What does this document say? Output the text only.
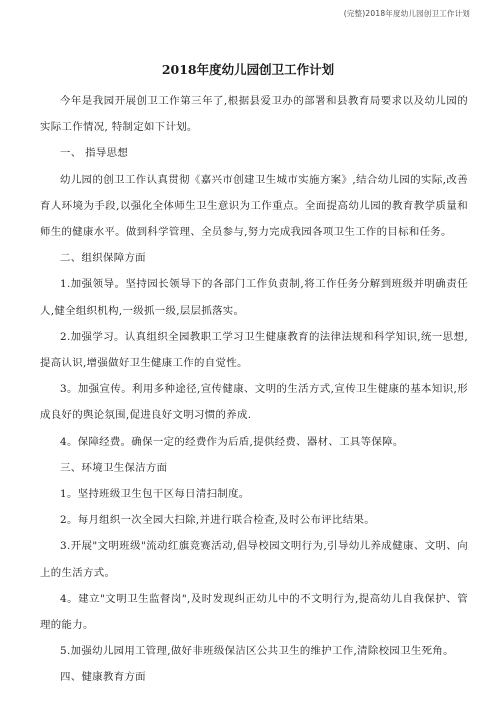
(完整)2018年度幼儿园创卫工作计划
2018年度幼儿园创卫工作计划

今年是我园开展创卫工作第三年了,根据县爱卫办的部署和县教育局要求以及幼儿园的实际工作情况, 特制定如下计划。

一、 指导思想

幼儿园的创卫工作认真贯彻《嘉兴市创建卫生城市实施方案》,结合幼儿园的实际,改善育人环境为手段,以强化全体师生卫生意识为工作重点。全面提高幼儿园的教育教学质量和师生的健康水平。做到科学管理、全员参与,努力完成我园各项卫生工作的目标和任务。

二、组织保障方面

1.加强领导。坚持园长领导下的各部门工作负责制,将工作任务分解到班级并明确责任人,健全组织机构,一级抓一级,层层抓落实。

2.加强学习。认真组织全园教职工学习卫生健康教育的法律法规和科学知识,统一思想,提高认识,增强做好卫生健康工作的自觉性。

3。加强宣传。利用多种途径,宣传健康、文明的生活方式,宣传卫生健康的基本知识,形成良好的舆论氛围,促进良好文明习惯的养成.

4。保障经费。确保一定的经费作为后盾,提供经费、器材、工具等保障。

三、环境卫生保洁方面

1。坚持班级卫生包干区每日清扫制度。

2。每月组织一次全园大扫除,并进行联合检查,及时公布评比结果。

3.开展"文明班级"流动红旗竞赛活动,倡导校园文明行为,引导幼儿养成健康、文明、向上的生活方式。

4。建立"文明卫生监督岗",及时发现纠正幼儿中的不文明行为,提高幼儿自我保护、管理的能力。

5.加强幼儿园用工管理,做好非班级保洁区公共卫生的维护工作,清除校园卫生死角。

四、健康教育方面
